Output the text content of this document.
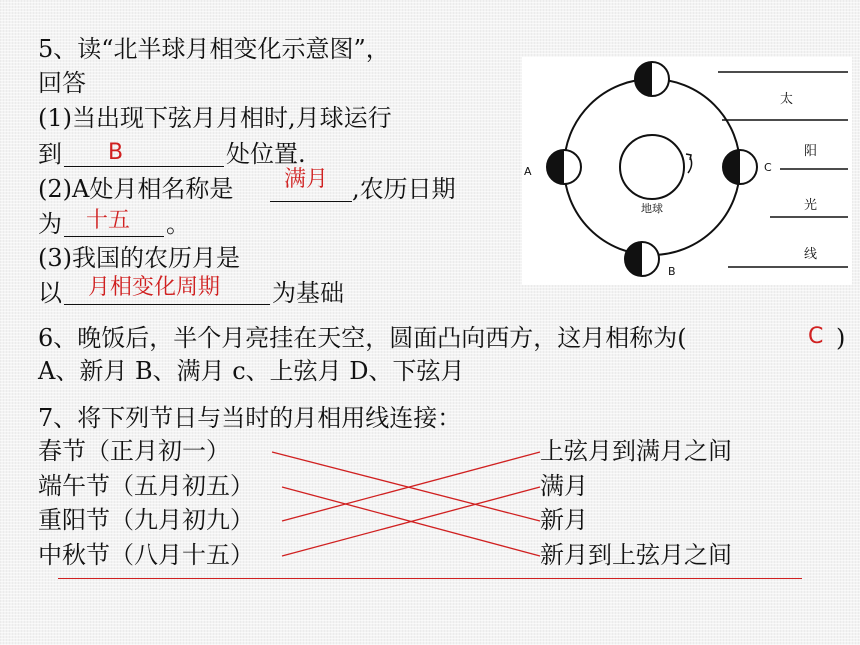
5、读“北半球月相变化示意图”，
回答
(1)当出现下弦月月相时,月球运行
到 B	处位置.
(2)A处月相名称是 满月 ,农历日期
为 十五 。
(3)我国的农历月是
以 月相变化周期 为基础
地球
A	C
B
太
阳
光
线
6、晚饭后，半个月亮挂在天空，圆面凸向西方，这月相称为(	C )
A、新月 B、满月 c、上弦月 D、下弦月
7、将下列节日与当时的月相用线连接：
春节（正月初一）
端午节（五月初五）
重阳节（九月初九）
中秋节（八月十五）
上弦月到满月之间
满月
新月
新月到上弦月之间
